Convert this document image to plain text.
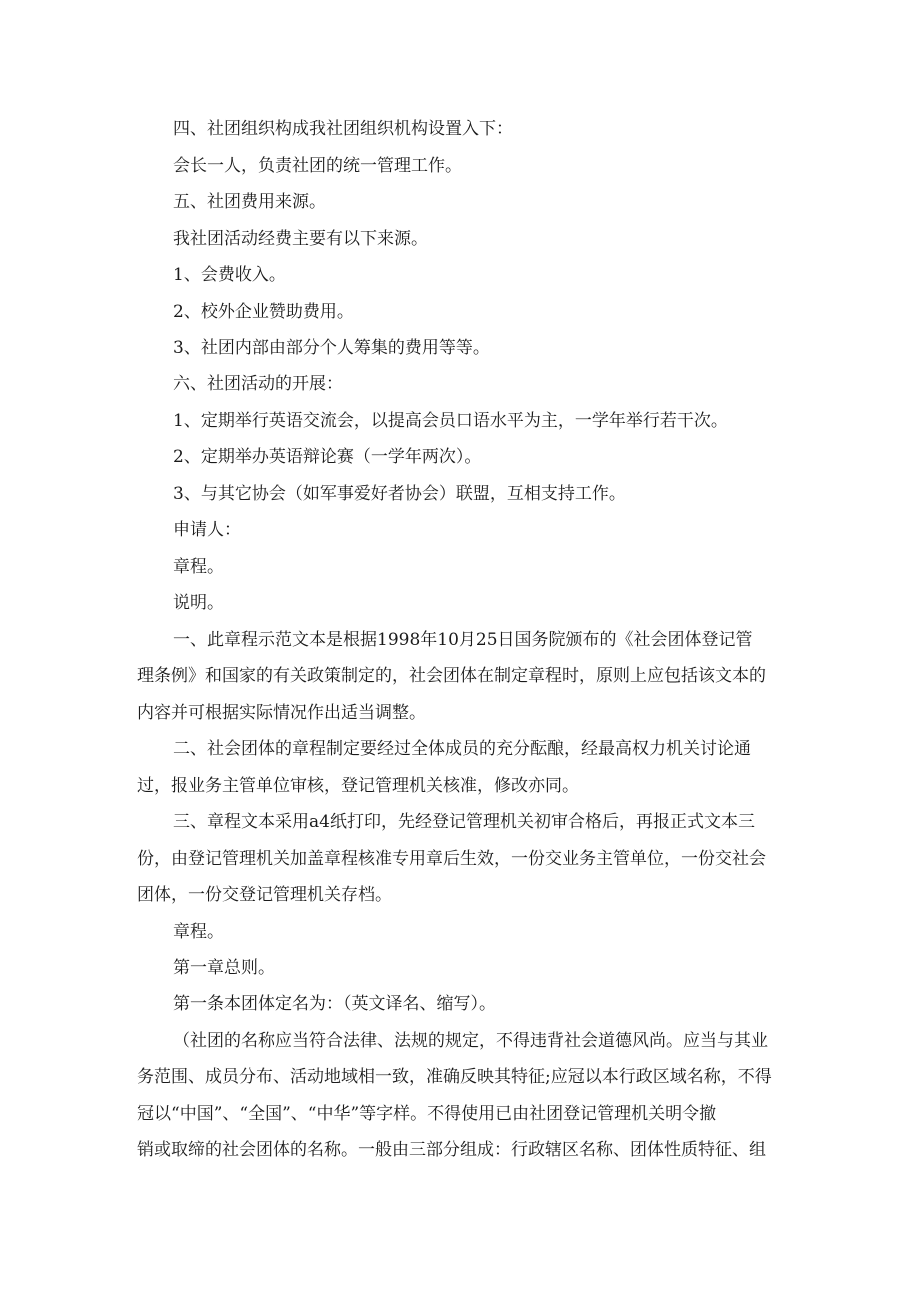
四、社团组织构成我社团组织机构设置入下：
会长一人，负责社团的统一管理工作。
五、社团费用来源。
我社团活动经费主要有以下来源。
1、会费收入。
2、校外企业赞助费用。
3、社团内部由部分个人筹集的费用等等。
六、社团活动的开展：
1、定期举行英语交流会，以提高会员口语水平为主，一学年举行若干次。
2、定期举办英语辩论赛（一学年两次）。
3、与其它协会（如军事爱好者协会）联盟，互相支持工作。
申请人：
章程。
说明。
一、此章程示范文本是根据1998年10月25日国务院颁布的《社会团体登记管
理条例》和国家的有关政策制定的，社会团体在制定章程时，原则上应包括该文本的
内容并可根据实际情况作出适当调整。
二、社会团体的章程制定要经过全体成员的充分酝酿，经最高权力机关讨论通
过，报业务主管单位审核，登记管理机关核准，修改亦同。
三、章程文本采用a4纸打印，先经登记管理机关初审合格后，再报正式文本三
份，由登记管理机关加盖章程核准专用章后生效，一份交业务主管单位，一份交社会
团体，一份交登记管理机关存档。
章程。
第一章总则。
第一条本团体定名为：（英文译名、缩写）。
（社团的名称应当符合法律、法规的规定，不得违背社会道德风尚。应当与其业
务范围、成员分布、活动地域相一致，准确反映其特征;应冠以本行政区域名称，不得
冠以“中国”、“全国”、“中华”等字样。不得使用已由社团登记管理机关明令撤
销或取缔的社会团体的名称。一般由三部分组成：行政辖区名称、团体性质特征、组
